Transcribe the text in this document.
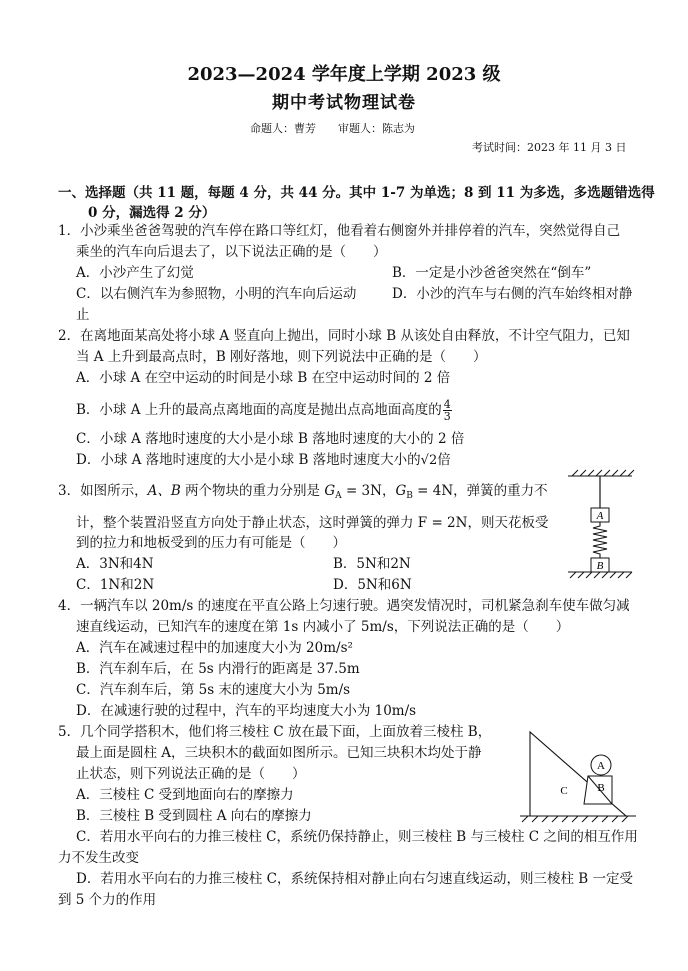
2023—2024 学年度上学期 2023 级
期中考试物理试卷
命题人：曹芳　　审题人：陈志为
考试时间：2023 年 11 月 3 日
一、选择题（共 11 题，每题 4 分，共 44 分。其中 1-7 为单选；8 到 11 为多选，多选题错选得
0 分，漏选得 2 分）
1．小沙乘坐爸爸驾驶的汽车停在路口等红灯，他看着右侧窗外并排停着的汽车，突然觉得自己
乘坐的汽车向后退去了，以下说法正确的是（　　）
A．小沙产生了幻觉	B．一定是小沙爸爸突然在“倒车”
C．以右侧汽车为参照物，小明的汽车向后运动	D．小沙的汽车与右侧的汽车始终相对静
止
2．在离地面某高处将小球 A 竖直向上抛出，同时小球 B 从该处自由释放，不计空气阻力，已知
当 A 上升到最高点时，B 刚好落地，则下列说法中正确的是（　　）
A．小球 A 在空中运动的时间是小球 B 在空中运动时间的 2 倍
B．小球 A 上升的最高点离地面的高度是抛出点高地面高度的 $\frac{4}{3}$
C．小球 A 落地时速度的大小是小球 B 落地时速度的大小的 2 倍
D．小球 A 落地时速度的大小是小球 B 落地时速度大小的√2倍
3．如图所示，A、B 两个物块的重力分别是 $G_A = 3N$，$G_B = 4N$，弹簧的重力不
计，整个装置沿竖直方向处于静止状态，这时弹簧的弹力 F = 2N，则天花板受
到的拉力和地板受到的压力有可能是（　　）
A．3N和4N	B．5N和2N
C．1N和2N	D．5N和6N
A
B
4．一辆汽车以 20m/s 的速度在平直公路上匀速行驶。遇突发情况时，司机紧急刹车使车做匀减
速直线运动，已知汽车的速度在第 1s 内减小了 5m/s，下列说法正确的是（　　）
A．汽车在减速过程中的加速度大小为 20m/s²
B．汽车刹车后，在 5s 内滑行的距离是 37.5m
C．汽车刹车后，第 5s 末的速度大小为 5m/s
D．在减速行驶的过程中，汽车的平均速度大小为 10m/s
5．几个同学搭积木，他们将三棱柱 C 放在最下面，上面放着三棱柱 B，
最上面是圆柱 A，三块积木的截面如图所示。已知三块积木均处于静
止状态，则下列说法正确的是（　　）
A．三棱柱 C 受到地面向右的摩擦力
B．三棱柱 B 受到圆柱 A 向右的摩擦力
C．若用水平向右的力推三棱柱 C，系统仍保持静止，则三棱柱 B 与三棱柱 C 之间的相互作用
力不发生改变
D．若用水平向右的力推三棱柱 C，系统保持相对静止向右匀速直线运动，则三棱柱 B 一定受
到 5 个力的作用
A
B
C
